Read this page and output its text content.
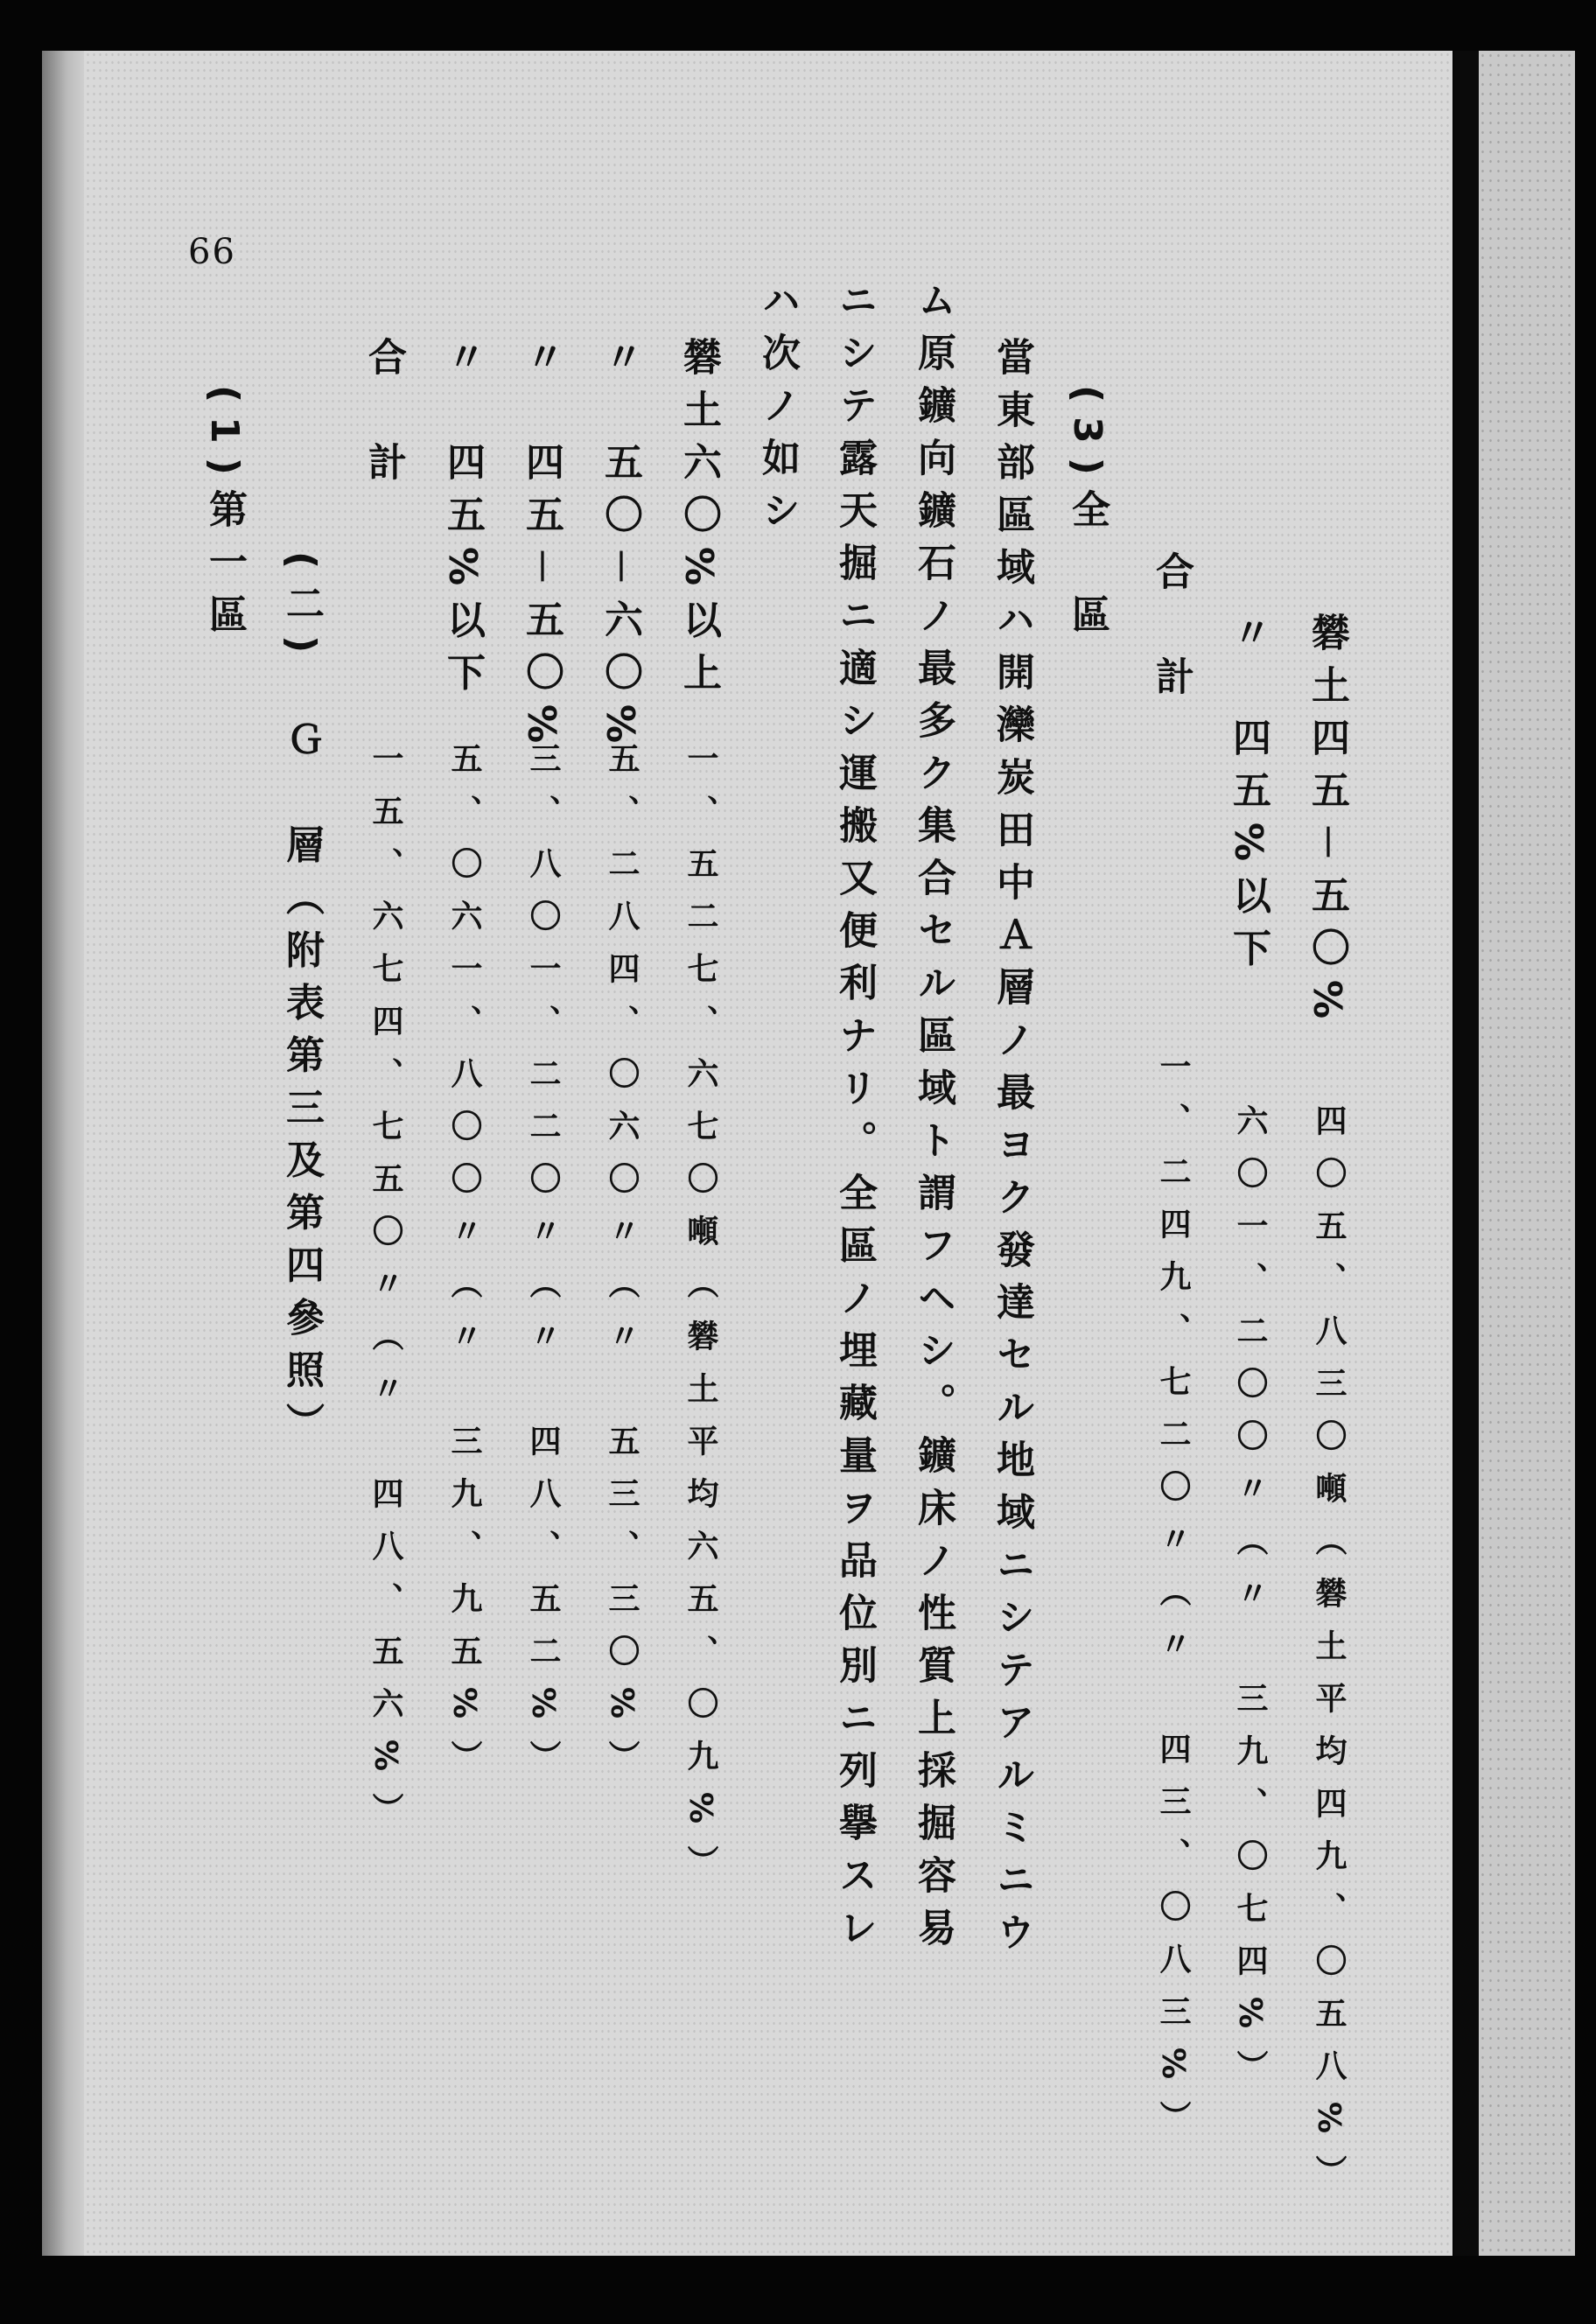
66
礬土四五－五〇%
四〇五、八三〇噸（礬土平均四九、〇五八%）
〃　四五%以下
六〇一、二〇〇〃（〃　三九、〇七四%）
合　計
一、二四九、七二〇〃（〃　四三、〇八三%）
(3)全　區
當東部區域ハ開灤炭田中Ａ層ノ最ヨク發達セル地域ニシテアルミニウ
ム原鑛向鑛石ノ最多ク集合セル區域ト謂フヘシ。鑛床ノ性質上採掘容易
ニシテ露天掘ニ適シ運搬又便利ナリ。全區ノ埋藏量ヲ品位別ニ列擧スレ
ハ次ノ如シ
礬土六〇%以上
一、五二七、六七〇噸（礬土平均六五、〇九%）
〃　五〇－六〇%
五、二八四、〇六〇〃（〃　五三、三〇%）
〃　四五－五〇%
三、八〇一、二二〇〃（〃　四八、五二%）
〃　四五%以下
五、〇六一、八〇〇〃（〃　三九、九五%）
合　計
一五、六七四、七五〇〃（〃　四八、五六%）
(二)　Ｇ　層（附表第三及第四參照）
(1)第一區
